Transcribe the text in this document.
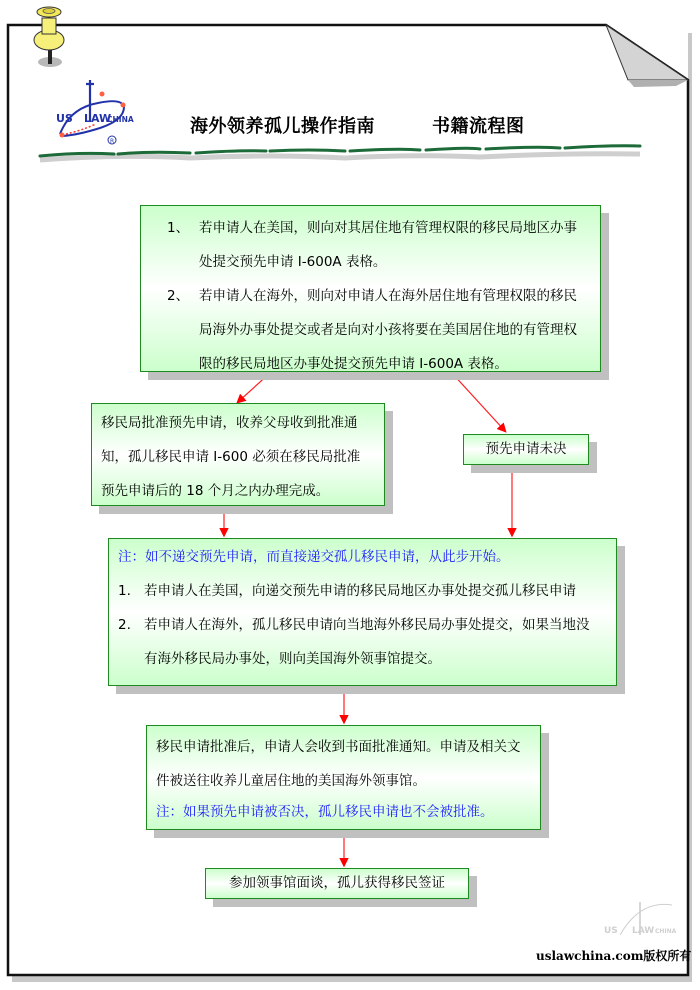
US LAW
CHINA
R
US LAW CHINA
海外领养孤儿操作指南	书籍流程图

1、 若申请人在美国，则向对其居住地有管理权限的移民局地区办事

处提交预先申请 I-600A 表格。

2、 若申请人在海外，则向对申请人在海外居住地有管理权限的移民

局海外办事处提交或者是向对小孩将要在美国居住地的有管理权

限的移民局地区办事处提交预先申请 I-600A 表格。

移民局批准预先申请，收养父母收到批准通

知，孤儿移民申请 I-600 必须在移民局批准

预先申请后的 18 个月之内办理完成。

预先申请未决

注：如不递交预先申请，而直接递交孤儿移民申请，从此步开始。

1. 若申请人在美国，向递交预先申请的移民局地区办事处提交孤儿移民申请

2. 若申请人在海外，孤儿移民申请向当地海外移民局办事处提交，如果当地没

有海外移民局办事处，则向美国海外领事馆提交。

移民申请批准后，申请人会收到书面批准通知。申请及相关文

件被送往收养儿童居住地的美国海外领事馆。

注：如果预先申请被否决，孤儿移民申请也不会被批准。

参加领事馆面谈，孤儿获得移民签证
uslawchina.com版权所有
